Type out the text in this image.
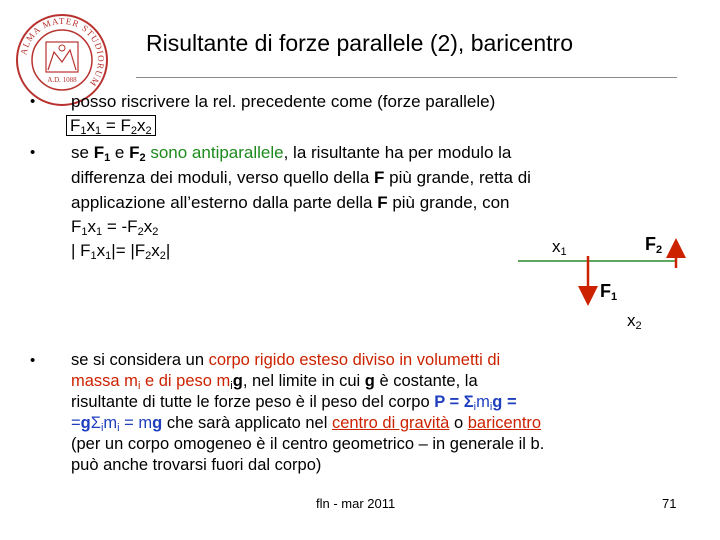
ALMA MATER STUDIORUM
A.D. 1088
Risultante di forze parallele (2), baricentro
• posso riscrivere la rel. precedente come (forze parallele)
$F_1x_1 = F_2x_2$
• se $F_1$ e $F_2$ sono antiparallele, la risultante ha per modulo la
differenza dei moduli, verso quello della F più grande, retta di
applicazione all’esterno dalla parte della F più grande, con
$F_1x_1 = -F_2x_2$
| $F_1x_1|= |F_2x_2|$	$x_1$	$F_2$
$F_1$
$x_2$
• se si considera un corpo rigido esteso diviso in volumetti di
massa $m_i$ e di peso $m_ig$, nel limite in cui g è costante, la
risultante di tutte le forze peso è il peso del corpo $P = \Sigma_im_ig$ =
$=g\Sigma_im_i$ = mg che sarà applicato nel centro di gravità o baricentro
(per un corpo omogeneo è il centro geometrico – in generale il b.
può anche trovarsi fuori dal corpo)
fln - mar 2011	71
